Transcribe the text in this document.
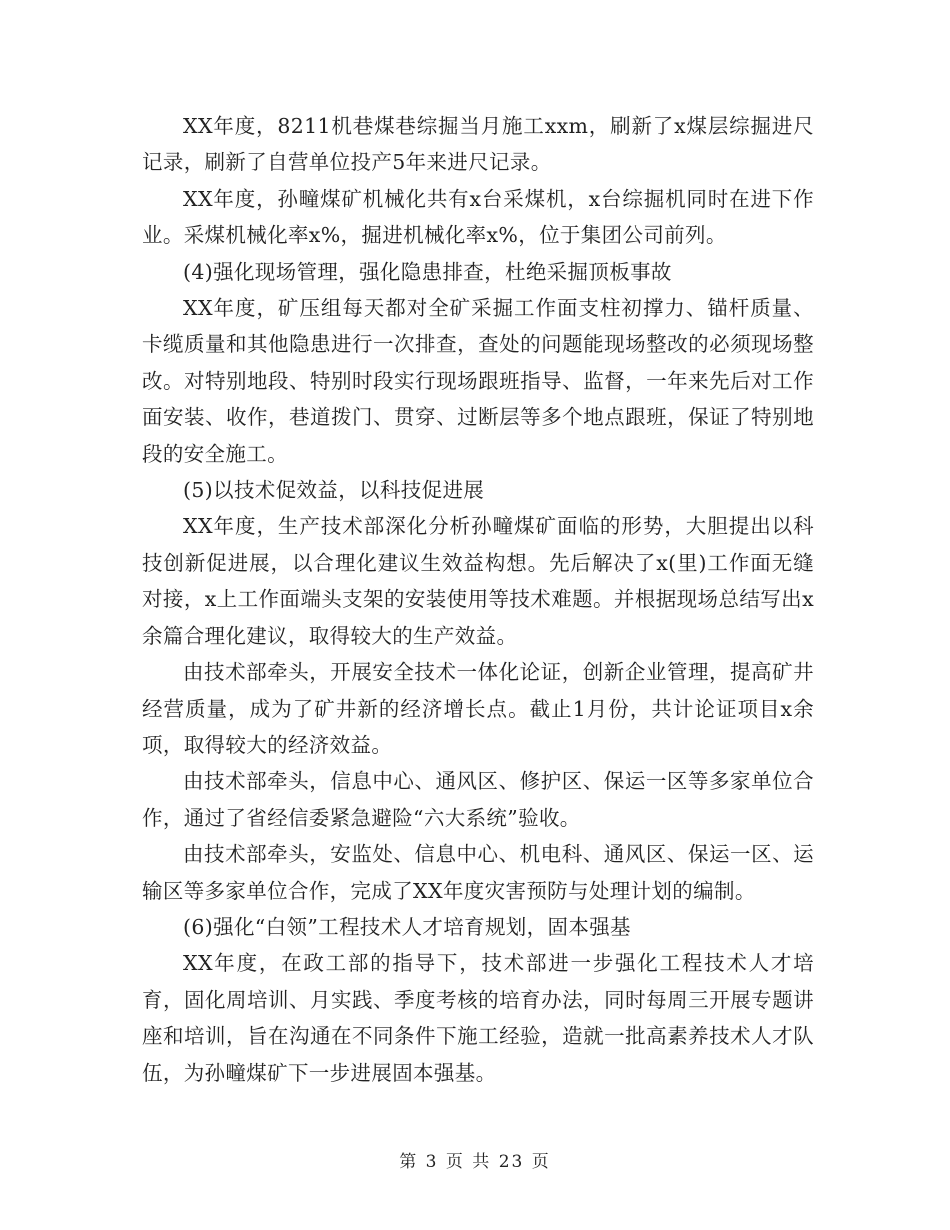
XX年度，8211机巷煤巷综掘当月施工xxm，刷新了x煤层综掘进尺记录，刷新了自营单位投产5年来进尺记录。

XX年度，孙疃煤矿机械化共有x台采煤机，x台综掘机同时在进下作业。采煤机械化率x%，掘进机械化率x%，位于集团公司前列。

(4)强化现场管理，强化隐患排查，杜绝采掘顶板事故

XX年度，矿压组每天都对全矿采掘工作面支柱初撑力、锚杆质量、卡缆质量和其他隐患进行一次排查，查处的问题能现场整改的必须现场整改。对特别地段、特别时段实行现场跟班指导、监督，一年来先后对工作面安装、收作，巷道拨门、贯穿、过断层等多个地点跟班，保证了特别地段的安全施工。

(5)以技术促效益，以科技促进展

XX年度，生产技术部深化分析孙疃煤矿面临的形势，大胆提出以科技创新促进展，以合理化建议生效益构想。先后解决了x(里)工作面无缝对接，x上工作面端头支架的安装使用等技术难题。并根据现场总结写出x余篇合理化建议，取得较大的生产效益。

由技术部牵头，开展安全技术一体化论证，创新企业管理，提高矿井经营质量，成为了矿井新的经济增长点。截止1月份，共计论证项目x余项，取得较大的经济效益。

由技术部牵头，信息中心、通风区、修护区、保运一区等多家单位合作，通过了省经信委紧急避险“六大系统”验收。

由技术部牵头，安监处、信息中心、机电科、通风区、保运一区、运输区等多家单位合作，完成了XX年度灾害预防与处理计划的编制。

(6)强化“白领”工程技术人才培育规划，固本强基

XX年度，在政工部的指导下，技术部进一步强化工程技术人才培育，固化周培训、月实践、季度考核的培育办法，同时每周三开展专题讲座和培训，旨在沟通在不同条件下施工经验，造就一批高素养技术人才队伍，为孙疃煤矿下一步进展固本强基。

第 3 页 共 23 页
